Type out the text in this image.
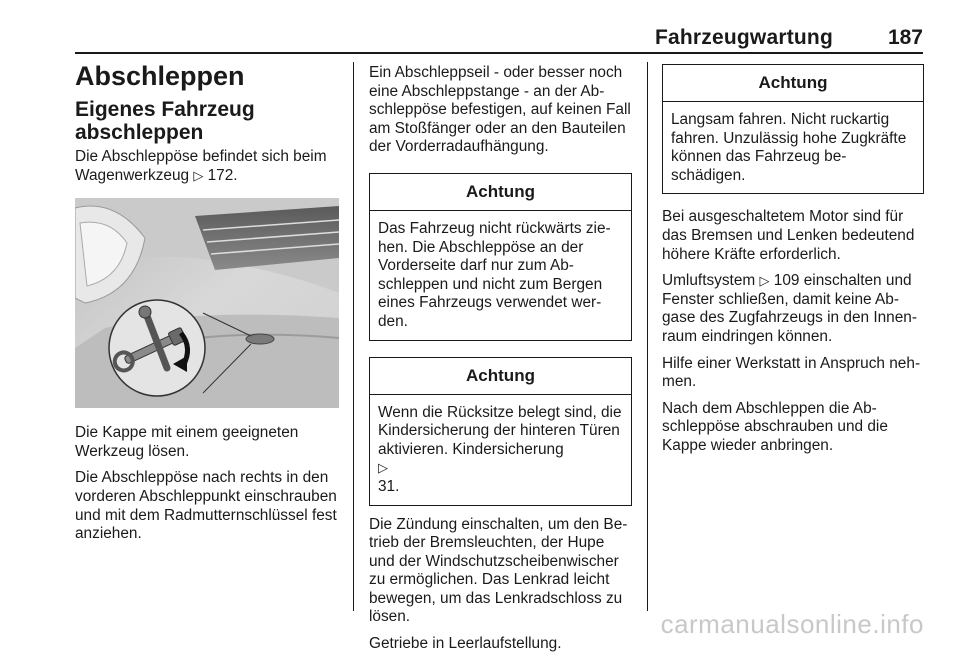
Fahrzeugwartung	187
Abschleppen
Eigenes Fahrzeug abschleppen

Die Abschleppöse befindet sich beim Wagenwerkzeug ▷ 172.

Die Kappe mit einem geeigneten Werkzeug lösen.

Die Abschleppöse nach rechts in den vorderen Abschleppunkt einschrauben und mit dem Radmutternschlüssel fest anziehen.

Ein Abschleppseil - oder besser noch eine Abschleppstange - an der Abschleppöse befestigen, auf keinen Fall am Stoßfänger oder an den Bauteilen der Vorderradaufhängung.

Achtung
Das Fahrzeug nicht rückwärts ziehen. Die Abschleppöse an der Vorderseite darf nur zum Abschleppen und nicht zum Bergen eines Fahrzeugs verwendet werden.
Achtung
Wenn die Rücksitze belegt sind, die Kindersicherung der hinteren Türen aktivieren. Kindersicherung
▷
31.

Die Zündung einschalten, um den Betrieb der Bremsleuchten, der Hupe und der Windschutzscheibenwischer zu ermöglichen. Das Lenkrad leicht bewegen, um das Lenkradschloss zu lösen.

Getriebe in Leerlaufstellung.

Achtung
Langsam fahren. Nicht ruckartig fahren. Unzulässig hohe Zugkräfte können das Fahrzeug beschädigen.

Bei ausgeschaltetem Motor sind für das Bremsen und Lenken bedeutend höhere Kräfte erforderlich.

Umluftsystem ▷ 109 einschalten und Fenster schließen, damit keine Abgase des Zugfahrzeugs in den Innenraum eindringen können.

Hilfe einer Werkstatt in Anspruch nehmen.

Nach dem Abschleppen die Abschleppöse abschrauben und die Kappe wieder anbringen.

carmanualsonline.info
